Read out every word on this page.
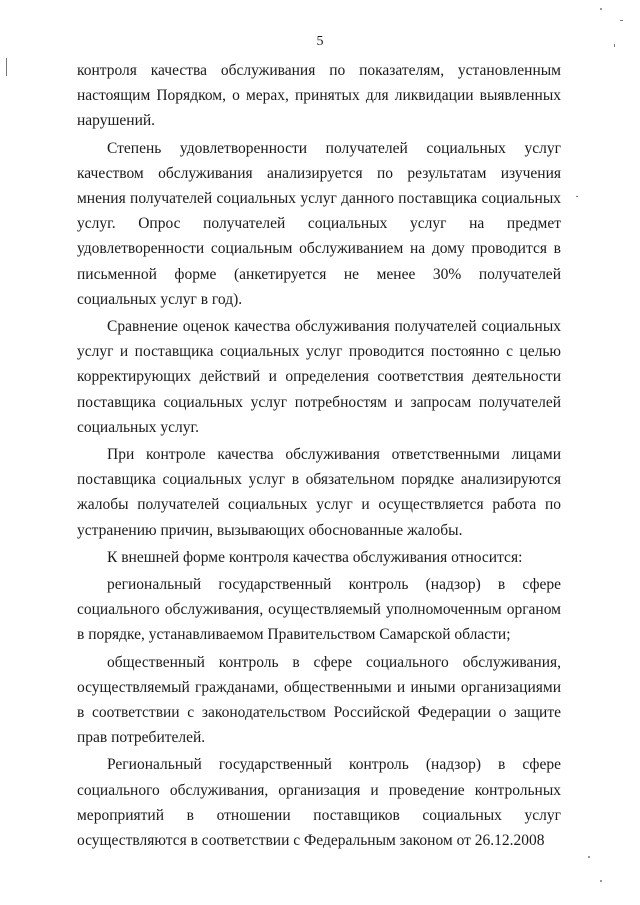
5

контроля качества обслуживания по показателям, установленным настоящим Порядком, о мерах, принятых для ликвидации выявленных нарушений.

Степень удовлетворенности получателей социальных услуг качеством обслуживания анализируется по результатам изучения мнения получателей социальных услуг данного поставщика социальных услуг. Опрос получателей социальных услуг на предмет удовлетворенности социальным обслуживанием на дому проводится в письменной форме (анкетируется не менее 30% получателей социальных услуг в год).

Сравнение оценок качества обслуживания получателей социальных услуг и поставщика социальных услуг проводится постоянно с целью корректирующих действий и определения соответствия деятельности поставщика социальных услуг потребностям и запросам получателей социальных услуг.

При контроле качества обслуживания ответственными лицами поставщика социальных услуг в обязательном порядке анализируются жалобы получателей социальных услуг и осуществляется работа по устранению причин, вызывающих обоснованные жалобы.

К внешней форме контроля качества обслуживания относится:

региональный государственный контроль (надзор) в сфере социального обслуживания, осуществляемый уполномоченным органом в порядке, устанавливаемом Правительством Самарской области;

общественный контроль в сфере социального обслуживания, осуществляемый гражданами, общественными и иными организациями в соответствии с законодательством Российской Федерации о защите прав потребителей.

Региональный государственный контроль (надзор) в сфере социального обслуживания, организация и проведение контрольных мероприятий в отношении поставщиков социальных услуг осуществляются в соответствии с Федеральным законом от 26.12.2008
